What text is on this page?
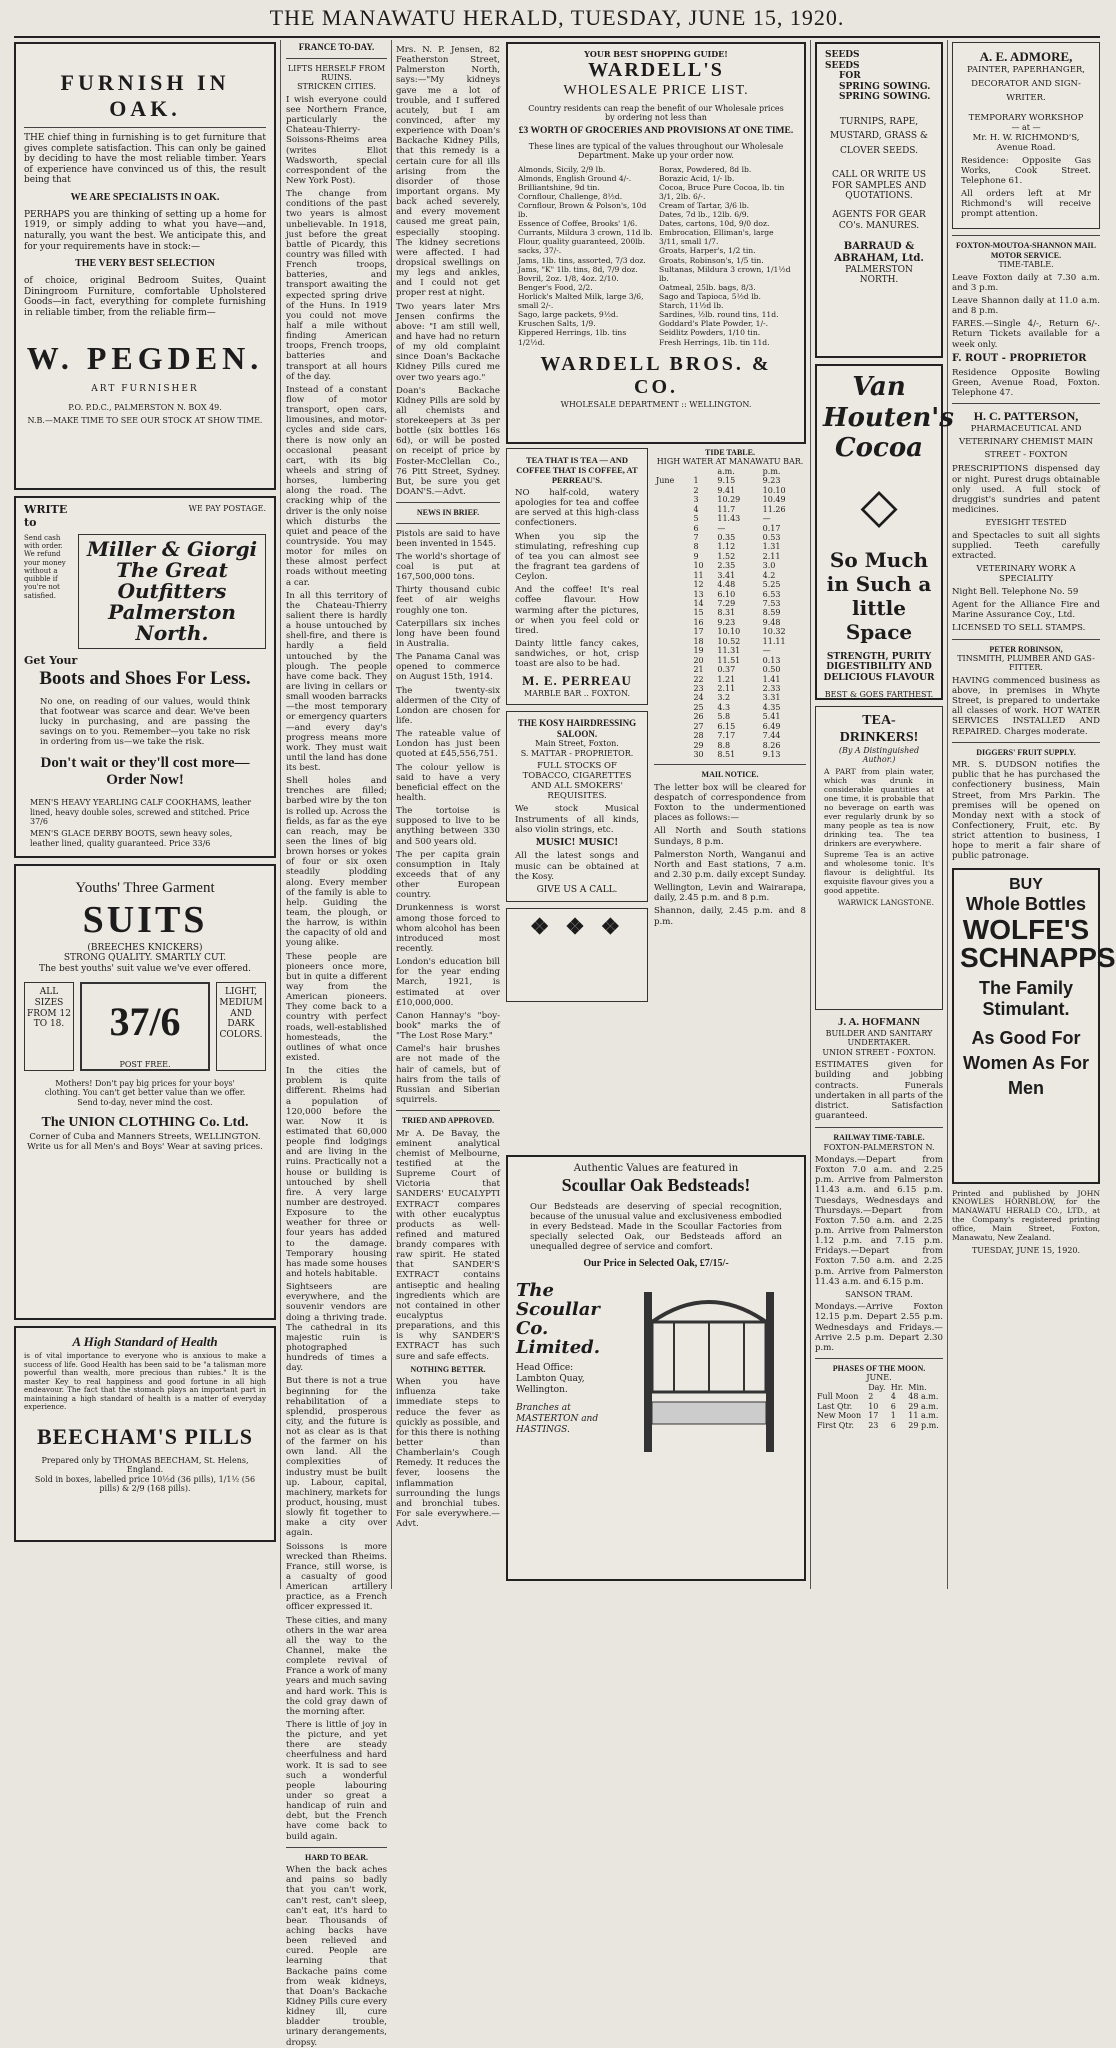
THE MANAWATU HERALD, TUESDAY, JUNE 15, 1920.
FURNISH IN OAK.
THE chief thing in furnishing is to get furniture that gives complete satisfaction. This can only be gained by deciding to have the most reliable timber. Years of experience have convinced us of this, the result being that
WE ARE SPECIALISTS IN OAK.
PERHAPS you are thinking of setting up a home for 1919, or simply adding to what you have—and, naturally, you want the best. We anticipate this, and for your requirements have in stock:—
THE VERY BEST SELECTION
of choice, original Bedroom Suites, Quaint Diningroom Furniture, comfortable Upholstered Goods—in fact, everything for complete furnishing in reliable timber, from the reliable firm—
W. PEGDEN.
ART FURNISHER
P.O. P.D.C., PALMERSTON N. BOX 49.
N.B.—MAKE TIME TO SEE OUR STOCK AT SHOW TIME.
WRITE to
WE PAY POSTAGE.
Send cash with order. We refund your money without a quibble if you're not satisfied.
Miller & Giorgi The Great Outfitters Palmerston North.
Get Your
Boots and Shoes For Less.
No one, on reading of our values, would think that footwear was scarce and dear. We've been lucky in purchasing, and are passing the savings on to you. Remember—you take no risk in ordering from us—we take the risk.
Don't wait or they'll cost more—Order Now!
MEN'S HEAVY YEARLING CALF COOKHAMS, leather lined, heavy double soles, screwed and stitched. Price 37/6
MEN'S GLACE DERBY BOOTS, sewn heavy soles, leather lined, quality guaranteed. Price 33/6
Youths' Three Garment
SUITS
(BREECHES KNICKERS)
STRONG QUALITY. SMARTLY CUT.
The best youths' suit value we've ever offered.
ALL SIZES FROM 12 TO 18.	37/6
POST FREE.
LIGHT, MEDIUM AND DARK COLORS.
Mothers! Don't pay big prices for your boys' clothing. You can't get better value than we offer. Send to-day, never mind the cost.
The UNION CLOTHING Co. Ltd.
Corner of Cuba and Manners Streets, WELLINGTON.
Write us for all Men's and Boys' Wear at saving prices.
A High Standard of Health
is of vital importance to everyone who is anxious to make a success of life. Good Health has been said to be "a talisman more powerful than wealth, more precious than rubies." It is the master Key to real happiness and good fortune in all high endeavour. The fact that the stomach plays an important part in maintaining a high standard of health is a matter of everyday experience.
BEECHAM'S PILLS
Prepared only by THOMAS BEECHAM, St. Helens, England.
Sold in boxes, labelled price 10½d (36 pills), 1/1½ (56 pills) & 2/9 (168 pills).
FRANCE TO-DAY.
LIFTS HERSELF FROM RUINS.
STRICKEN CITIES.
I wish everyone could see Northern France, particularly the Chateau-Thierry-Soissons-Rheims area (writes Eliot Wadsworth, special correspondent of the New York Post).
The change from conditions of the past two years is almost unbelievable. In 1918, just before the great battle of Picardy, this country was filled with French troops, batteries, and transport awaiting the expected spring drive of the Huns. In 1919 you could not move half a mile without finding American troops, French troops, batteries and transport at all hours of the day.
Instead of a constant flow of motor transport, open cars, limousines, and motor-cycles and side cars, there is now only an occasional peasant cart, with its big wheels and string of horses, lumbering along the road. The cracking whip of the driver is the only noise which disturbs the quiet and peace of the countryside. You may motor for miles on these almost perfect roads without meeting a car.
In all this territory of the Chateau-Thierry salient there is hardly a house untouched by shell-fire, and there is hardly a field untouched by the plough. The people have come back. They are living in cellars or small wooden barracks—the most temporary or emergency quarters—and every day's progress means more work. They must wait until the land has done its best.
Shell holes and trenches are filled; barbed wire by the ton is rolled up. Across the fields, as far as the eye can reach, may be seen the lines of big brown horses or yokes of four or six oxen steadily plodding along. Every member of the family is able to help. Guiding the team, the plough, or the harrow, is within the capacity of old and young alike.
These people are pioneers once more, but in quite a different way from the American pioneers. They come back to a country with perfect roads, well-established homesteads, the outlines of what once existed.
In the cities the problem is quite different. Rheims had a population of 120,000 before the war. Now it is estimated that 60,000 people find lodgings and are living in the ruins. Practically not a house or building is untouched by shell fire. A very large number are destroyed. Exposure to the weather for three or four years has added to the damage. Temporary housing has made some houses and hotels habitable.
Sightseers are everywhere, and the souvenir vendors are doing a thriving trade. The cathedral in its majestic ruin is photographed hundreds of times a day.
But there is not a true beginning for the rehabilitation of a splendid, prosperous city, and the future is not as clear as is that of the farmer on his own land. All the complexities of industry must be built up. Labour, capital, machinery, markets for product, housing, must slowly fit together to make a city over again.
Soissons is more wrecked than Rheims. France, still worse, is a casualty of good American artillery practice, as a French officer expressed it.
These cities, and many others in the war area all the way to the Channel, make the complete revival of France a work of many years and much saving and hard work. This is the cold gray dawn of the morning after.
There is little of joy in the picture, and yet there are steady cheerfulness and hard work. It is sad to see such a wonderful people labouring under so great a handicap of ruin and debt, but the French have come back to build again.
HARD TO BEAR.
When the back aches and pains so badly that you can't work, can't rest, can't sleep, can't eat, it's hard to bear. Thousands of aching backs have been relieved and cured. People are learning that Backache pains come from weak kidneys, that Doan's Backache Kidney Pills cure every kidney ill, cure bladder trouble, urinary derangements, dropsy.
Mrs. N. P. Jensen, 82 Featherston Street, Palmerston North, says:—"My kidneys gave me a lot of trouble, and I suffered acutely, but I am convinced, after my experience with Doan's Backache Kidney Pills, that this remedy is a certain cure for all ills arising from the disorder of those important organs. My back ached severely, and every movement caused me great pain, especially stooping. The kidney secretions were affected. I had dropsical swellings on my legs and ankles, and I could not get proper rest at night.
Two years later Mrs Jensen confirms the above: "I am still well, and have had no return of my old complaint since Doan's Backache Kidney Pills cured me over two years ago."
Doan's Backache Kidney Pills are sold by all chemists and storekeepers at 3s per bottle (six bottles 16s 6d), or will be posted on receipt of price by Foster-McClellan Co., 76 Pitt Street, Sydney. But, be sure you get DOAN'S.—Advt.
NEWS IN BRIEF.
Pistols are said to have been invented in 1545.
The world's shortage of coal is put at 167,500,000 tons.
Thirty thousand cubic feet of air weighs roughly one ton.
Caterpillars six inches long have been found in Australia.
The Panama Canal was opened to commerce on August 15th, 1914.
The twenty-six aldermen of the City of London are chosen for life.
The rateable value of London has just been quoted at £45,556,751.
The colour yellow is said to have a very beneficial effect on the health.
The tortoise is supposed to live to be anything between 330 and 500 years old.
The per capita grain consumption in Italy exceeds that of any other European country.
Drunkenness is worst among those forced to whom alcohol has been introduced most recently.
London's education bill for the year ending March, 1921, is estimated at over £10,000,000.
Canon Hannay's "boy-book" marks the of "The Lost Rose Mary."
Camel's hair brushes are not made of the hair of camels, but of hairs from the tails of Russian and Siberian squirrels.
TRIED AND APPROVED.
Mr A. De Bavay, the eminent analytical chemist of Melbourne, testified at the Supreme Court of Victoria that SANDERS' EUCALYPTI EXTRACT compares with other eucalyptus products as well-refined and matured brandy compares with raw spirit. He stated that SANDER'S EXTRACT contains antiseptic and healing ingredients which are not contained in other eucalyptus preparations, and this is why SANDER'S EXTRACT has such sure and safe effects.
NOTHING BETTER.
When you have influenza take immediate steps to reduce the fever as quickly as possible, and for this there is nothing better than Chamberlain's Cough Remedy. It reduces the fever, loosens the inflammation surrounding the lungs and bronchial tubes. For sale everywhere.—Advt.
YOUR BEST SHOPPING GUIDE!
WARDELL'S
WHOLESALE PRICE LIST.
Country residents can reap the benefit of our Wholesale prices by ordering not less than
£3 WORTH OF GROCERIES AND PROVISIONS AT ONE TIME.
These lines are typical of the values throughout our Wholesale Department. Make up your order now.
Almonds, Sicily, 2/9 lb.
Almonds, English Ground 4/-.
Brilliantshine, 9d tin.
Cornflour, Challenge, 8½d.
Cornflour, Brown & Polson's, 10d lb.
Essence of Coffee, Brooks' 1/6.
Currants, Mildura 3 crown, 11d lb.
Flour, quality guaranteed, 200lb. sacks, 37/-.
Jams, 1lb. tins, assorted, 7/3 doz.
Jams, "K" 1lb. tins, 8d, 7/9 doz.
Bovril, 2oz. 1/8, 4oz. 2/10.
Benger's Food, 2/2.
Horlick's Malted Milk, large 3/6, small 2/-.
Sago, large packets, 9½d.
Kruschen Salts, 1/9.
Kippered Herrings, 1lb. tins 1/2½d.
Borax, Powdered, 8d lb.
Borazic Acid, 1/- lb.
Cocoa, Bruce Pure Cocoa, lb. tin 3/1, 2lb. 6/-.
Cream of Tartar, 3/6 lb.
Dates, 7d lb., 12lb. 6/9.
Dates, cartons, 10d, 9/0 doz.
Embrocation, Elliman's, large 3/11, small 1/7.
Groats, Harper's, 1/2 tin.
Groats, Robinson's, 1/5 tin.
Sultanas, Mildura 3 crown, 1/1½d lb.
Oatmeal, 25lb. bags, 8/3.
Sago and Tapioca, 5½d lb.
Starch, 11½d lb.
Sardines, ½lb. round tins, 11d.
Goddard's Plate Powder, 1/-.
Seidlitz Powders, 1/10 tin.
Fresh Herrings, 1lb. tin 11d.
WARDELL BROS. & CO.
WHOLESALE DEPARTMENT :: WELLINGTON.
TEA THAT IS TEA — AND COFFEE THAT IS COFFEE, AT PERREAU'S.
NO half-cold, watery apologies for tea and coffee are served at this high-class confectioners.
When you sip the stimulating, refreshing cup of tea you can almost see the fragrant tea gardens of Ceylon.
And the coffee! It's real coffee flavour. How warming after the pictures, or when you feel cold or tired.
Dainty little fancy cakes, sandwiches, or hot, crisp toast are also to be had.
M. E. PERREAU
MARBLE BAR .. FOXTON.
THE KOSY HAIRDRESSING SALOON.
Main Street, Foxton.
S. MATTAR - PROPRIETOR.
FULL STOCKS OF TOBACCO, CIGARETTES AND ALL SMOKERS' REQUISITES.
We stock Musical Instruments of all kinds, also violin strings, etc.
MUSIC! MUSIC!
All the latest songs and music can be obtained at the Kosy.
GIVE US A CALL.
❖ ❖ ❖
TIDE TABLE.
HIGH WATER AT MANAWATU BAR.
		a.m.	p.m.
June	1	9.15	9.23
	2	9.41	10.10
	3	10.29	10.49
	4	11.7	11.26
	5	11.43	—
	6	—	0.17
	7	0.35	0.53
	8	1.12	1.31
	9	1.52	2.11
	10	2.35	3.0
	11	3.41	4.2
	12	4.48	5.25
	13	6.10	6.53
	14	7.29	7.53
	15	8.31	8.59
	16	9.23	9.48
	17	10.10	10.32
	18	10.52	11.11
	19	11.31	—
	20	11.51	0.13
	21	0.37	0.50
	22	1.21	1.41
	23	2.11	2.33
	24	3.2	3.31
	25	4.3	4.35
	26	5.8	5.41
	27	6.15	6.49
	28	7.17	7.44
	29	8.8	8.26
	30	8.51	9.13
MAIL NOTICE.
The letter box will be cleared for despatch of correspondence from Foxton to the undermentioned places as follows:—
All North and South stations Sundays, 8 p.m.
Palmerston North, Wanganui and North and East stations, 7 a.m. and 2.30 p.m. daily except Sunday.
Wellington, Levin and Wairarapa, daily, 2.45 p.m. and 8 p.m.
Shannon, daily, 2.45 p.m. and 8 p.m.
Authentic Values are featured in
Scoullar Oak Bedsteads!
Our Bedsteads are deserving of special recognition, because of the unusual value and exclusiveness embodied in every Bedstead. Made in the Scoullar Factories from specially selected Oak, our Bedsteads afford an unequalled degree of service and comfort.
Our Price in Selected Oak, £7/15/-
The Scoullar Co. Limited.
Head Office: Lambton Quay, Wellington.
Branches at MASTERTON and HASTINGS.
SEEDS
SEEDS
FOR
SPRING SOWING.
SPRING SOWING.
TURNIPS, RAPE, MUSTARD, GRASS & CLOVER SEEDS.
CALL OR WRITE US FOR SAMPLES AND QUOTATIONS.
AGENTS FOR GEAR CO's. MANURES.
BARRAUD & ABRAHAM, Ltd.
PALMERSTON NORTH.
Van Houten's Cocoa
⬦
So Much in Such a little Space
STRENGTH, PURITY DIGESTIBILITY AND DELICIOUS FLAVOUR
BEST & GOES FARTHEST.
TEA-DRINKERS!
(By A Distinguished Author.)
A PART from plain water, which was drunk in considerable quantities at one time, it is probable that no beverage on earth was ever regularly drunk by so many people as tea is now drinking tea. The tea drinkers are everywhere.
Supreme Tea is an active and wholesome tonic. It's flavour is delightful. Its exquisite flavour gives you a good appetite.
WARWICK LANGSTONE.
J. A. HOFMANN
BUILDER AND SANITARY UNDERTAKER.
UNION STREET - FOXTON.
ESTIMATES given for building and jobbing contracts. Funerals undertaken in all parts of the district. Satisfaction guaranteed.
RAILWAY TIME-TABLE.
FOXTON-PALMERSTON N.
Mondays.—Depart from Foxton 7.0 a.m. and 2.25 p.m. Arrive from Palmerston 11.43 a.m. and 6.15 p.m. Tuesdays, Wednesdays and Thursdays.—Depart from Foxton 7.50 a.m. and 2.25 p.m. Arrive from Palmerston 1.12 p.m. and 7.15 p.m. Fridays.—Depart from Foxton 7.50 a.m. and 2.25 p.m. Arrive from Palmerston 11.43 a.m. and 6.15 p.m.
SANSON TRAM.
Mondays.—Arrive Foxton 12.15 p.m. Depart 2.55 p.m. Wednesdays and Fridays.—Arrive 2.5 p.m. Depart 2.30 p.m.
PHASES OF THE MOON.
JUNE.
	Day.	Hr.	Min.
Full Moon	2	4	48 a.m.
Last Qtr.	10	6	29 a.m.
New Moon	17	1	11 a.m.
First Qtr.	23	6	29 p.m.
A. E. ADMORE,
PAINTER, PAPERHANGER, DECORATOR AND SIGN-WRITER.
TEMPORARY WORKSHOP
— at —
Mr. H. W. RICHMOND'S, Avenue Road.
Residence: Opposite Gas Works, Cook Street. Telephone 61.
All orders left at Mr Richmond's will receive prompt attention.
FOXTON-MOUTOA-SHANNON MAIL MOTOR SERVICE.
TIME-TABLE.
Leave Foxton daily at 7.30 a.m. and 3 p.m.
Leave Shannon daily at 11.0 a.m. and 8 p.m.
FARES.—Single 4/-, Return 6/-. Return Tickets available for a week only.
F. ROUT - PROPRIETOR
Residence Opposite Bowling Green, Avenue Road, Foxton. Telephone 47.
H. C. PATTERSON,
PHARMACEUTICAL AND VETERINARY CHEMIST MAIN STREET - FOXTON
PRESCRIPTIONS dispensed day or night. Purest drugs obtainable only used. A full stock of druggist's sundries and patent medicines.
EYESIGHT TESTED
and Spectacles to suit all sights supplied. Teeth carefully extracted.
VETERINARY WORK A SPECIALITY
Night Bell. Telephone No. 59
Agent for the Alliance Fire and Marine Assurance Coy., Ltd.
LICENSED TO SELL STAMPS.
PETER ROBINSON,
TINSMITH, PLUMBER AND GAS-FITTER.
HAVING commenced business as above, in premises in Whyte Street, is prepared to undertake all classes of work. HOT WATER SERVICES INSTALLED AND REPAIRED. Charges moderate.
DIGGERS' FRUIT SUPPLY.
MR. S. DUDSON notifies the public that he has purchased the confectionery business, Main Street, from Mrs Parkin. The premises will be opened on Monday next with a stock of Confectionery, Fruit, etc. By strict attention to business, I hope to merit a fair share of public patronage.
BUY
Whole Bottles
WOLFE'S SCHNAPPS
The Family Stimulant.
As Good For Women As For Men
Printed and published by JOHN KNOWLES HORNBLOW, for the MANAWATU HERALD CO., LTD., at the Company's registered printing office, Main Street, Foxton, Manawatu, New Zealand.
TUESDAY, JUNE 15, 1920.
